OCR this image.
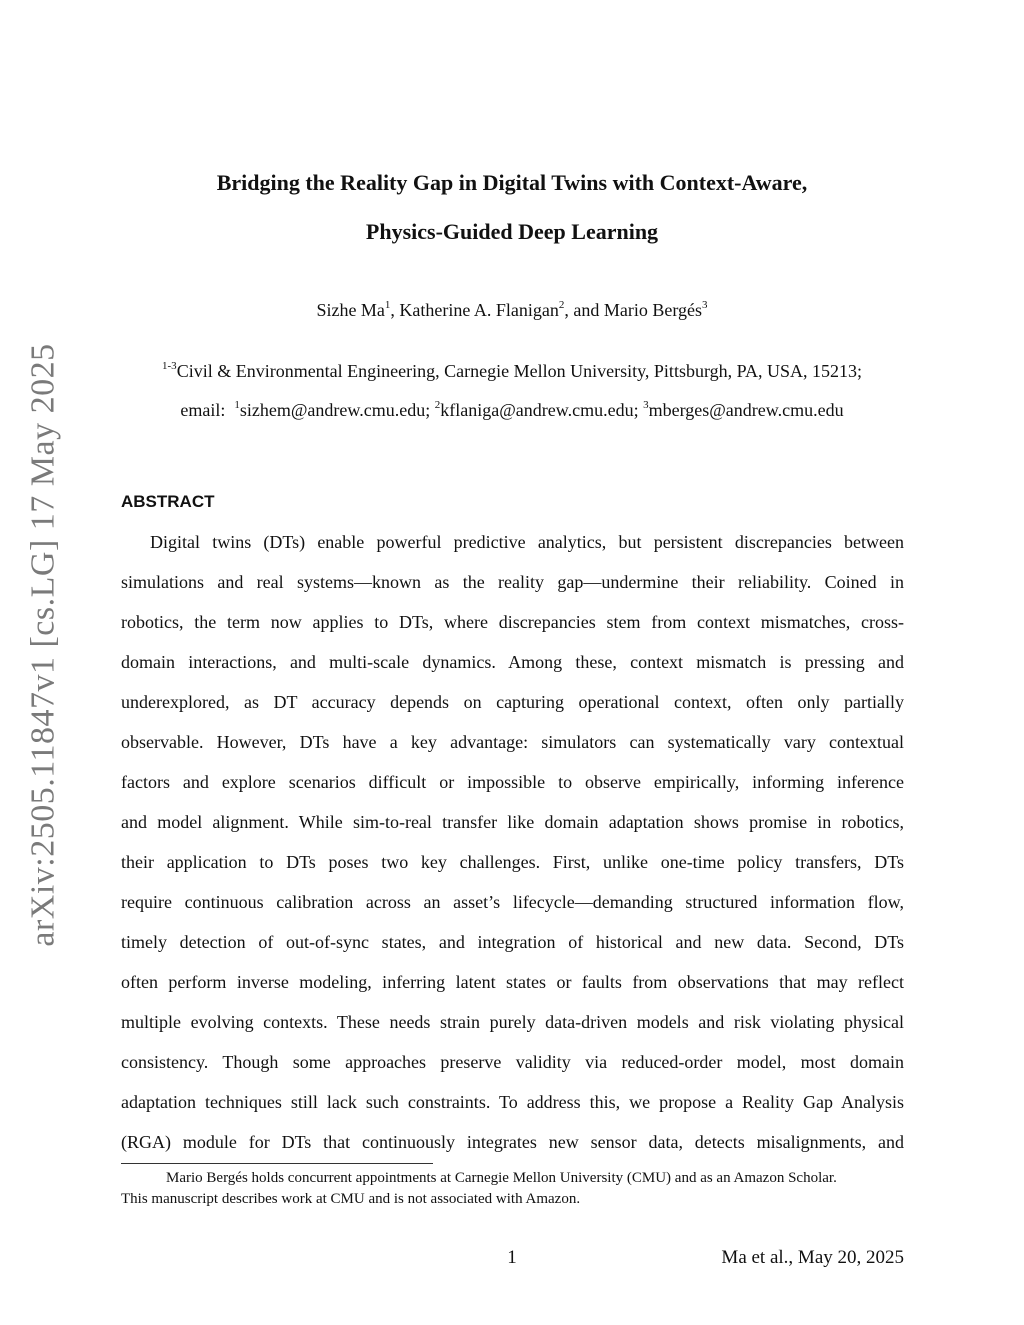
arXiv:2505.11847v1 [cs.LG] 17 May 2025
Bridging the Reality Gap in Digital Twins with Context-Aware,
Physics-Guided Deep Learning
Sizhe Ma$^1$, Katherine A. Flanigan$^2$, and Mario Bergés$^3$
$^{1-3}$Civil & Environmental Engineering, Carnegie Mellon University, Pittsburgh, PA, USA, 15213;
email: $^1$sizhem@andrew.cmu.edu; $^2$kflaniga@andrew.cmu.edu; $^3$mberges@andrew.cmu.edu
ABSTRACT
Digital twins (DTs) enable powerful predictive analytics, but persistent discrepancies between
simulations and real systems—known as the reality gap—undermine their reliability. Coined in
robotics, the term now applies to DTs, where discrepancies stem from context mismatches, cross-
domain interactions, and multi-scale dynamics. Among these, context mismatch is pressing and
underexplored, as DT accuracy depends on capturing operational context, often only partially
observable. However, DTs have a key advantage: simulators can systematically vary contextual
factors and explore scenarios difficult or impossible to observe empirically, informing inference
and model alignment. While sim-to-real transfer like domain adaptation shows promise in robotics,
their application to DTs poses two key challenges. First, unlike one-time policy transfers, DTs
require continuous calibration across an asset’s lifecycle—demanding structured information flow,
timely detection of out-of-sync states, and integration of historical and new data. Second, DTs
often perform inverse modeling, inferring latent states or faults from observations that may reflect
multiple evolving contexts. These needs strain purely data-driven models and risk violating physical
consistency. Though some approaches preserve validity via reduced-order model, most domain
adaptation techniques still lack such constraints. To address this, we propose a Reality Gap Analysis
(RGA) module for DTs that continuously integrates new sensor data, detects misalignments, and
Mario Bergés holds concurrent appointments at Carnegie Mellon University (CMU) and as an Amazon Scholar.
This manuscript describes work at CMU and is not associated with Amazon.
1	Ma et al., May 20, 2025
